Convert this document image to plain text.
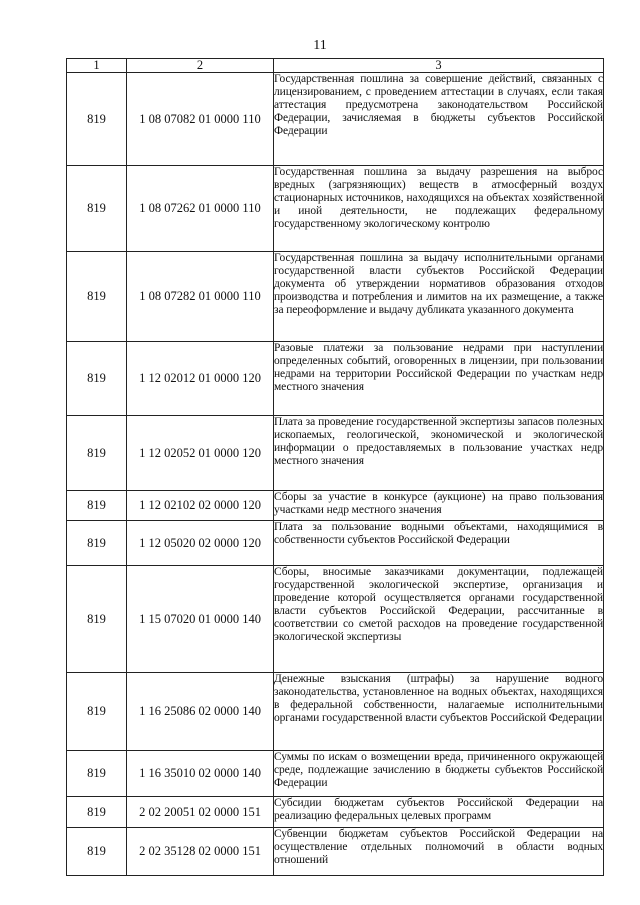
11
1	2	3
819	1 08 07082 01 0000 110	Государственная пошлина за совершение действий, связанных с лицензированием, с проведением аттестации в случаях, если такая аттестация предусмотрена законодательством Российской Федерации, зачисляемая в бюджеты субъектов Российской Федерации
819	1 08 07262 01 0000 110	Государственная пошлина за выдачу разрешения на выброс вредных (загрязняющих) веществ в атмосферный воздух стационарных источников, находящихся на объектах хозяйственной и иной деятельности, не подлежащих федеральному государственному экологическому контролю
819	1 08 07282 01 0000 110	Государственная пошлина за выдачу исполнительными органами государственной власти субъектов Российской Федерации документа об утверждении нормативов образования отходов производства и потребления и лимитов на их размещение, а также за переоформление и выдачу дубликата указанного документа
819	1 12 02012 01 0000 120	Разовые платежи за пользование недрами при наступлении определенных событий, оговоренных в лицензии, при пользовании недрами на территории Российской Федерации по участкам недр местного значения
819	1 12 02052 01 0000 120	Плата за проведение государственной экспертизы запасов полезных ископаемых, геологической, экономической и экологической информации о предоставляемых в пользование участках недр местного значения
819	1 12 02102 02 0000 120	Сборы за участие в конкурсе (аукционе) на право пользования участками недр местного значения
819	1 12 05020 02 0000 120	Плата за пользование водными объектами, находящимися в собственности субъектов Российской Федерации
819	1 15 07020 01 0000 140	Сборы, вносимые заказчиками документации, подлежащей государственной экологической экспертизе, организация и проведение которой осуществляется органами государственной власти субъектов Российской Федерации, рассчитанные в соответствии со сметой расходов на проведение государственной экологической экспертизы
819	1 16 25086 02 0000 140	Денежные взыскания (штрафы) за нарушение водного законодательства, установленное на водных объектах, находящихся в федеральной собственности, налагаемые исполнительными органами государственной власти субъектов Российской Федерации
819	1 16 35010 02 0000 140	Суммы по искам о возмещении вреда, причиненного окружающей среде, подлежащие зачислению в бюджеты субъектов Российской Федерации
819	2 02 20051 02 0000 151	Субсидии бюджетам субъектов Российской Федерации на реализацию федеральных целевых программ
819	2 02 35128 02 0000 151	Субвенции бюджетам субъектов Российской Федерации на осуществление отдельных полномочий в области водных отношений
